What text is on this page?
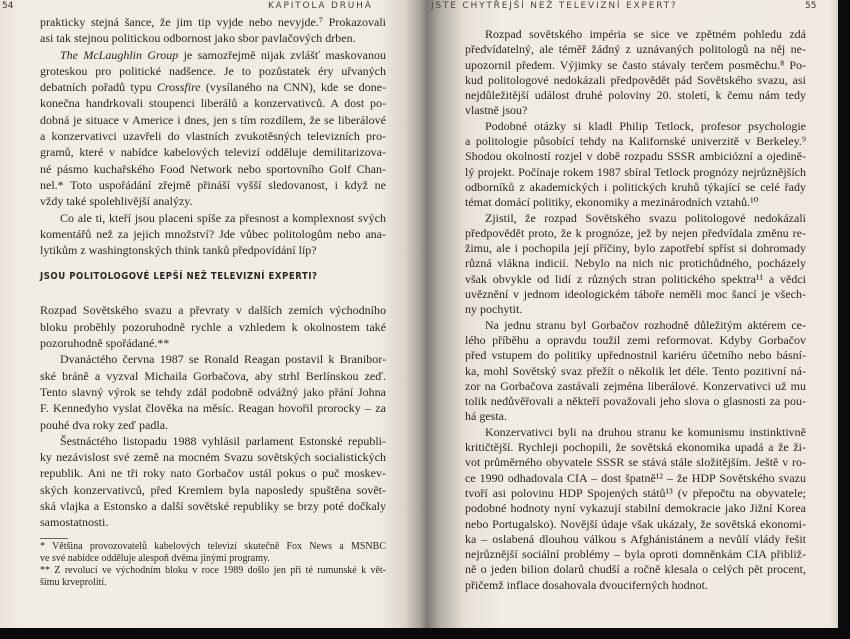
54	KAPITOLA DRUHÁ
prakticky stejná šance, že jim tip vyjde nebo nevyjde.⁷ Prokazovali
asi tak stejnou politickou odbornost jako sbor pavlačových drben.
The McLaughlin Group je samozřejmě nijak zvlášť maskovanou
groteskou pro politické nadšence. Je to pozůstatek éry uřvaných
debatních pořadů typu Crossfire (vysílaného na CNN), kde se done-
konečna handrkovali stoupenci liberálů a konzervativců. A dost po-
dobná je situace v Americe i dnes, jen s tím rozdílem, že se liberálové
a konzervativci uzavřeli do vlastních zvukotěsných televizních pro-
gramů, které v nabídce kabelových televizí odděluje demilitarizova-
né pásmo kuchařského Food Network nebo sportovního Golf Chan-
nel.* Toto uspořádání zřejmě přináší vyšší sledovanost, i když ne
vždy také spolehlivější analýzy.
Co ale ti, kteří jsou placeni spíše za přesnost a komplexnost svých
komentářů než za jejich množství? Jde vůbec politologům nebo ana-
lytikům z washingtonských think tanků předpovídání líp?
JSOU POLITOLOGOVÉ LEPŠÍ NEŽ TELEVIZNÍ EXPERTI?
Rozpad Sovětského svazu a převraty v dalších zemích východního
bloku proběhly pozoruhodně rychle a vzhledem k okolnostem také
pozoruhodně spořádané.**
Dvanáctého června 1987 se Ronald Reagan postavil k Branibor-
ské bráně a vyzval Michaila Gorbačova, aby strhl Berlínskou zeď.
Tento slavný výrok se tehdy zdál podobně odvážný jako přání Johna
F. Kennedyho vyslat člověka na měsíc. Reagan hovořil prorocky – za
pouhé dva roky zeď padla.
Šestnáctého listopadu 1988 vyhlásil parlament Estonské republi-
ky nezávislost své země na mocném Svazu sovětských socialistických
republik. Ani ne tři roky nato Gorbačov ustál pokus o puč moskev-
ských konzervativců, před Kremlem byla naposledy spuštěna sovět-
ská vlajka a Estonsko a další sovětské republiky se brzy poté dočkaly
samostatnosti.
* Většina provozovatelů kabelových televizí skutečně Fox News a MSNBC
ve své nabídce odděluje alespoň dvěma jinými programy.
** Z revolucí ve východním bloku v roce 1989 došlo jen při té rumunské k vět-
šímu krveprolití.
JSTE CHYTŘEJŠÍ NEŽ TELEVIZNÍ EXPERT?	55
Rozpad sovětského impéria se sice ve zpětném pohledu zdá
předvídatelný, ale téměř žádný z uznávaných politologů na něj ne-
upozornil předem. Výjimky se často stávaly terčem posměchu.⁸ Po-
kud politologové nedokázali předpovědět pád Sovětského svazu, asi
nejdůležitější událost druhé poloviny 20. století, k čemu nám tedy
vlastně jsou?
Podobné otázky si kladl Philip Tetlock, profesor psychologie
a politologie působící tehdy na Kalifornské univerzitě v Berkeley.⁹
Shodou okolností rozjel v době rozpadu SSSR ambiciózní a ojedině-
lý projekt. Počínaje rokem 1987 sbíral Tetlock prognózy nejrůznějších
odborníků z akademických i politických kruhů týkající se celé řady
témat domácí politiky, ekonomiky a mezinárodních vztahů.¹⁰
Zjistil, že rozpad Sovětského svazu politologové nedokázali
předpovědět proto, že k prognóze, jež by nejen předvídala změnu re-
žimu, ale i pochopila její příčiny, bylo zapotřebí spříst si dohromady
různá vlákna indicií. Nebylo na nich nic protichůdného, pocházely
však obvykle od lidí z různých stran politického spektra¹¹ a vědci
uvěznění v jednom ideologickém táboře neměli moc šancí je všech-
ny pochytit.
Na jednu stranu byl Gorbačov rozhodně důležitým aktérem ce-
lého příběhu a opravdu toužil zemi reformovat. Kdyby Gorbačov
před vstupem do politiky upřednostnil kariéru účetního nebo básní-
ka, mohl Sovětský svaz přežít o několik let déle. Tento pozitivní ná-
zor na Gorbačova zastávali zejména liberálové. Konzervativci už mu
tolik nedůvěřovali a někteří považovali jeho slova o glasnosti za pou-
há gesta.
Konzervativci byli na druhou stranu ke komunismu instinktivně
kritičtější. Rychleji pochopili, že sovětská ekonomika upadá a že ži-
vot průměrného obyvatele SSSR se stává stále složitějším. Ještě v ro-
ce 1990 odhadovala CIA – dost špatně¹² – že HDP Sovětského svazu
tvoří asi polovinu HDP Spojených států¹³ (v přepočtu na obyvatele;
podobné hodnoty nyní vykazují stabilní demokracie jako Jižní Korea
nebo Portugalsko). Novější údaje však ukázaly, že sovětská ekonomi-
ka – oslabená dlouhou válkou s Afghánistánem a nevůlí vlády řešit
nejrůznější sociální problémy – byla oproti domněnkám CIA přibliž-
ně o jeden bilion dolarů chudší a ročně klesala o celých pět procent,
přičemž inflace dosahovala dvouciferných hodnot.
